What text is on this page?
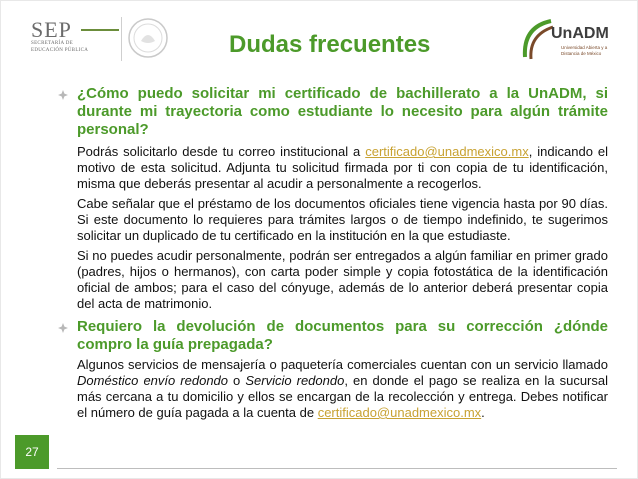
SEP
SECRETARÍA DE
EDUCACIÓN PÚBLICA	Dudas frecuentes	UnADM
Universidad Abierta y a
Distancia de México

¿Cómo puedo solicitar mi certificado de bachillerato a la UnADM, si durante mi trayectoria como estudiante lo necesito para algún trámite personal?

Podrás solicitarlo desde tu correo institucional a certificado@unadmexico.mx, indicando el motivo de esta solicitud. Adjunta tu solicitud firmada por ti con copia de tu identificación, misma que deberás presentar al acudir a personalmente a recogerlos.

Cabe señalar que el préstamo de los documentos oficiales tiene vigencia hasta por 90 días. Si este documento lo requieres para trámites largos o de tiempo indefinido, te sugerimos solicitar un duplicado de tu certificado en la institución en la que estudiaste.

Si no puedes acudir personalmente, podrán ser entregados a algún familiar en primer grado (padres, hijos o hermanos), con carta poder simple y copia fotostática de la identificación oficial de ambos; para el caso del cónyuge, además de lo anterior deberá presentar copia del acta de matrimonio.

Requiero la devolución de documentos para su corrección ¿dónde compro la guía prepagada?

Algunos servicios de mensajería o paquetería comerciales cuentan con un servicio llamado Doméstico envío redondo o Servicio redondo, en donde el pago se realiza en la sucursal más cercana a tu domicilio y ellos se encargan de la recolección y entrega. Debes notificar el número de guía pagada a la cuenta de certificado@unadmexico.mx.

27
